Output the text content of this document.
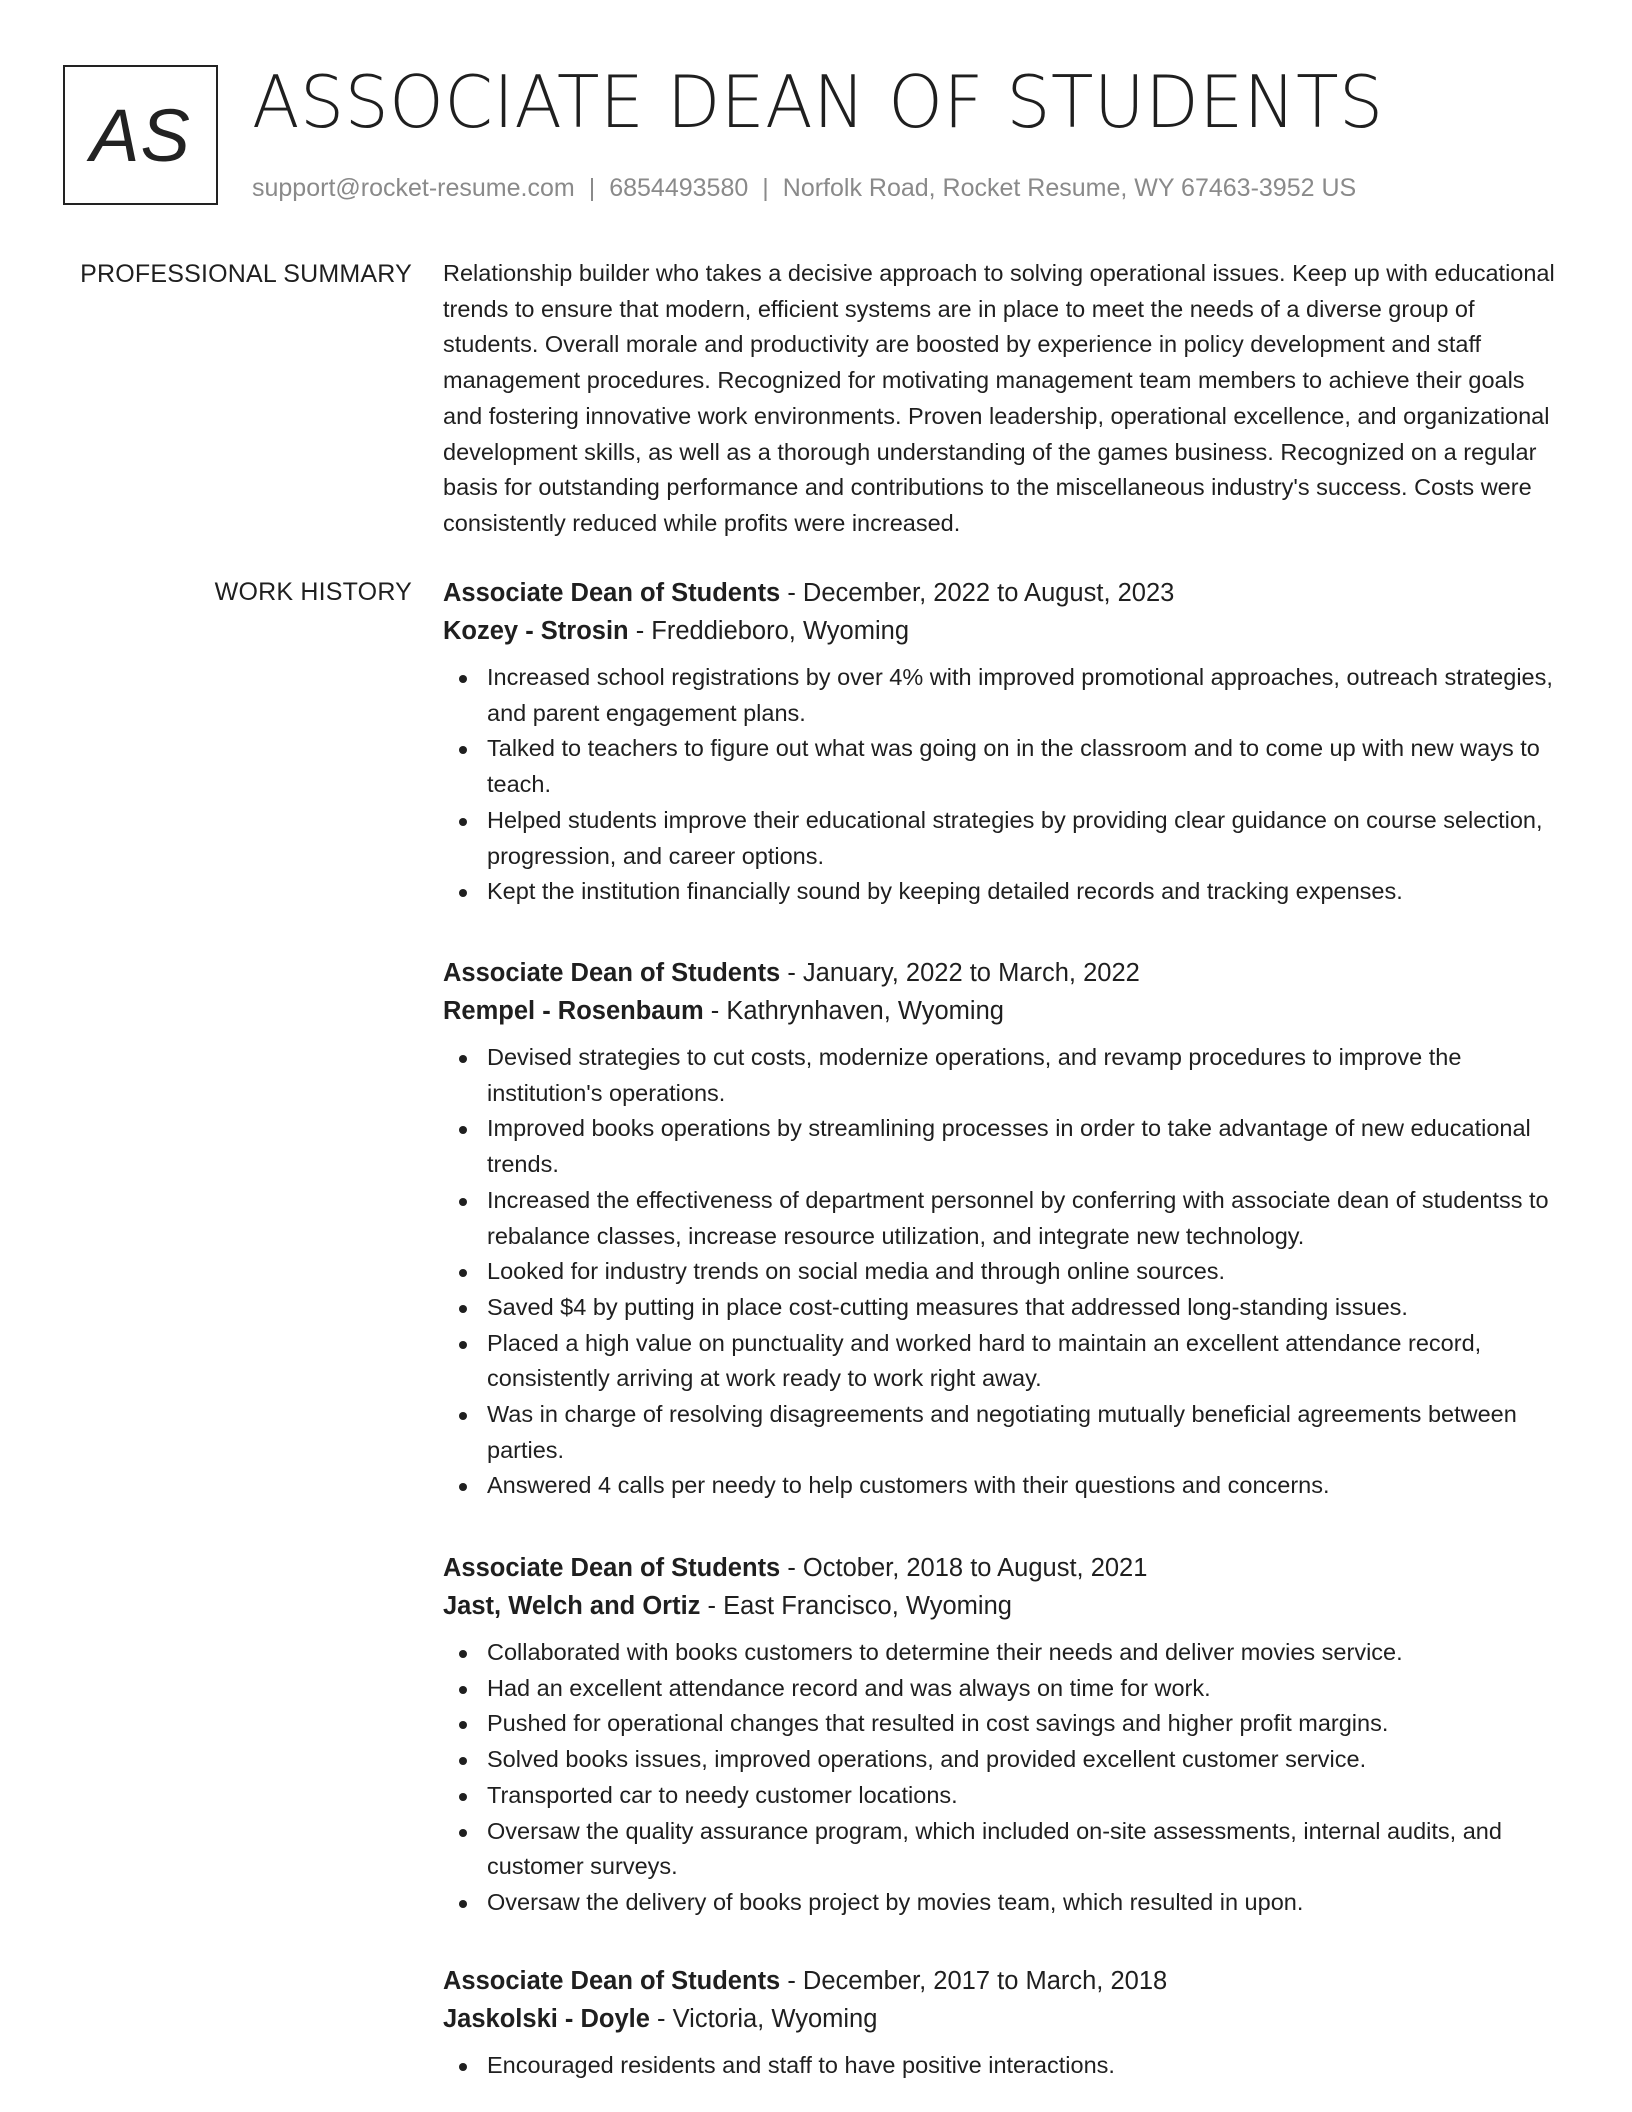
AS ASSOCIATE DEAN OF STUDENTS
support@rocket-resume.com | 6854493580 | Norfolk Road, Rocket Resume, WY 67463-3952 US
PROFESSIONAL SUMMARY Relationship builder who takes a decisive approach to solving operational issues. Keep up with educational trends to ensure that modern, efficient systems are in place to meet the needs of a diverse group of students. Overall morale and productivity are boosted by experience in policy development and staff management procedures. Recognized for motivating management team members to achieve their goals and fostering innovative work environments. Proven leadership, operational excellence, and organizational development skills, as well as a thorough understanding of the games business. Recognized on a regular basis for outstanding performance and contributions to the miscellaneous industry's success. Costs were consistently reduced while profits were increased.

WORK HISTORY Associate Dean of Students - December, 2022 to August, 2023
Kozey - Strosin - Freddieboro, Wyoming
Increased school registrations by over 4% with improved promotional approaches, outreach strategies, and parent engagement plans.
Talked to teachers to figure out what was going on in the classroom and to come up with new ways to teach.
Helped students improve their educational strategies by providing clear guidance on course selection, progression, and career options.
Kept the institution financially sound by keeping detailed records and tracking expenses.
Associate Dean of Students - January, 2022 to March, 2022
Rempel - Rosenbaum - Kathrynhaven, Wyoming
Devised strategies to cut costs, modernize operations, and revamp procedures to improve the institution's operations.
Improved books operations by streamlining processes in order to take advantage of new educational trends.
Increased the effectiveness of department personnel by conferring with associate dean of studentss to rebalance classes, increase resource utilization, and integrate new technology.
Looked for industry trends on social media and through online sources.
Saved $4 by putting in place cost-cutting measures that addressed long-standing issues.
Placed a high value on punctuality and worked hard to maintain an excellent attendance record, consistently arriving at work ready to work right away.
Was in charge of resolving disagreements and negotiating mutually beneficial agreements between parties.
Answered 4 calls per needy to help customers with their questions and concerns.
Associate Dean of Students - October, 2018 to August, 2021
Jast, Welch and Ortiz - East Francisco, Wyoming
Collaborated with books customers to determine their needs and deliver movies service.
Had an excellent attendance record and was always on time for work.
Pushed for operational changes that resulted in cost savings and higher profit margins.
Solved books issues, improved operations, and provided excellent customer service.
Transported car to needy customer locations.
Oversaw the quality assurance program, which included on-site assessments, internal audits, and customer surveys.
Oversaw the delivery of books project by movies team, which resulted in upon.
Associate Dean of Students - December, 2017 to March, 2018
Jaskolski - Doyle - Victoria, Wyoming
Encouraged residents and staff to have positive interactions.
